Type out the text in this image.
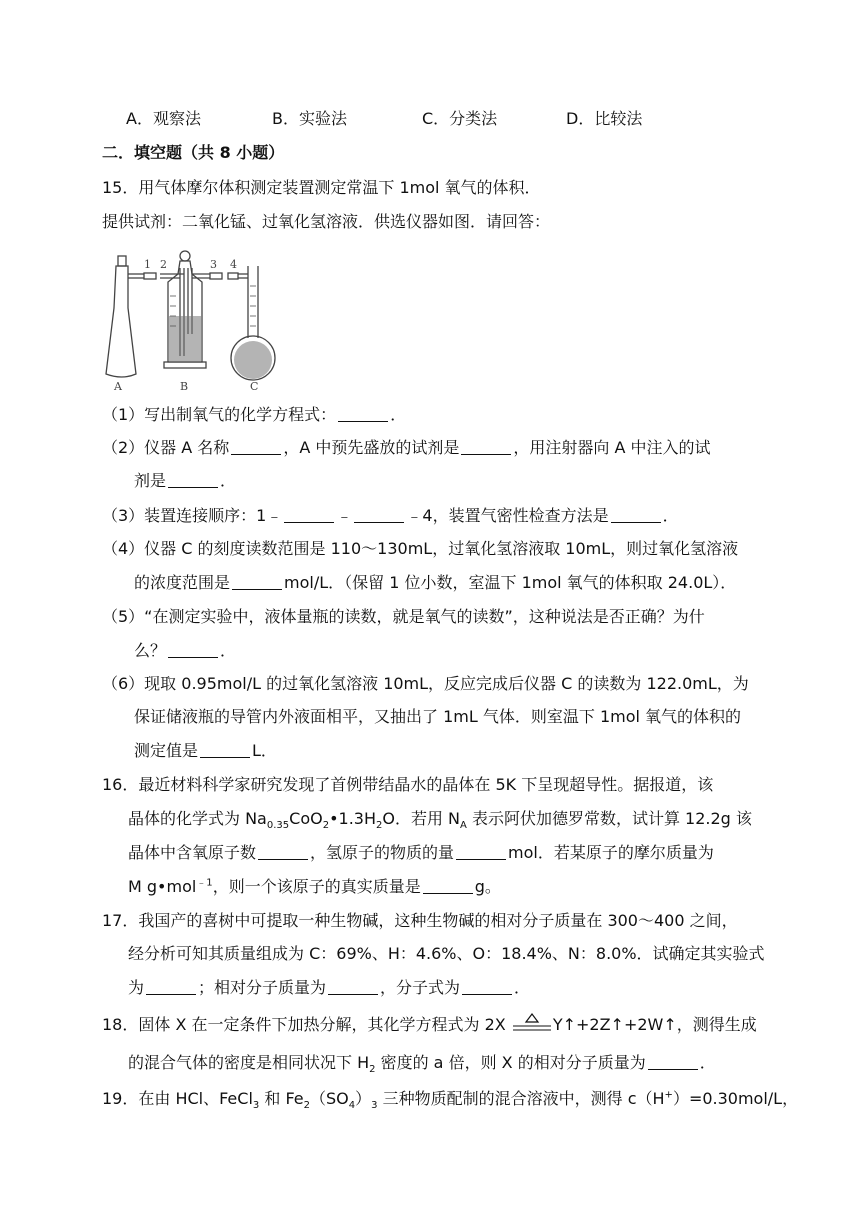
A．观察法	B．实验法	C．分类法	D．比较法
二．填空题（共 8 小题）
15．用气体摩尔体积测定装置测定常温下 1mol 氧气的体积．
提供试剂：二氧化锰、过氧化氢溶液．供选仪器如图．请回答：
A	B	C
1 2	3 4
（1）写出制氧气的化学方程式：	．
（2）仪器 A 名称	，A 中预先盛放的试剂是	，用注射器向 A 中注入的试
剂是	．
（3）装置连接顺序：1﹣	﹣	﹣4，装置气密性检查方法是	．
（4）仪器 C 的刻度读数范围是 110～130mL，过氧化氢溶液取 10mL，则过氧化氢溶液
的浓度范围是	mol/L．（保留 1 位小数，室温下 1mol 氧气的体积取 24.0L）．
（5）“在测定实验中，液体量瓶的读数，就是氧气的读数”，这种说法是否正确？为什
么？	．
（6）现取 0.95mol/L 的过氧化氢溶液 10mL，反应完成后仪器 C 的读数为 122.0mL，为
保证储液瓶的导管内外液面相平，又抽出了 1mL 气体．则室温下 1mol 氧气的体积的
测定值是	L．
16．最近材料科学家研究发现了首例带结晶水的晶体在 5K 下呈现超导性。据报道，该
晶体的化学式为 $Na_{0.35}CoO_2•1.3H_2O$．若用 $N_A$ 表示阿伏加德罗常数，试计算 12.2g 该
晶体中含氧原子数	，氢原子的物质的量	mol．若某原子的摩尔质量为
M g•mol$^{﹣1}$，则一个该原子的真实质量是	g。
17．我国产的喜树中可提取一种生物碱，这种生物碱的相对分子质量在 300～400 之间，
经分析可知其质量组成为 C：69%、H：4.6%、O：18.4%、N：8.0%．试确定其实验式
为	；相对分子质量为	，分子式为	．
18．固体 X 在一定条件下加热分解，其化学方程式为 2X	Y↑+2Z↑+2W↑，测得生成
的混合气体的密度是相同状况下 $H_2$ 密度的 a 倍，则 X 的相对分子质量为	．
19．在由 HCl、FeCl$_3$ 和 $Fe_2(SO_4)_3$ 三种物质配制的混合溶液中，测得 c（H+）=0.30mol/L，
